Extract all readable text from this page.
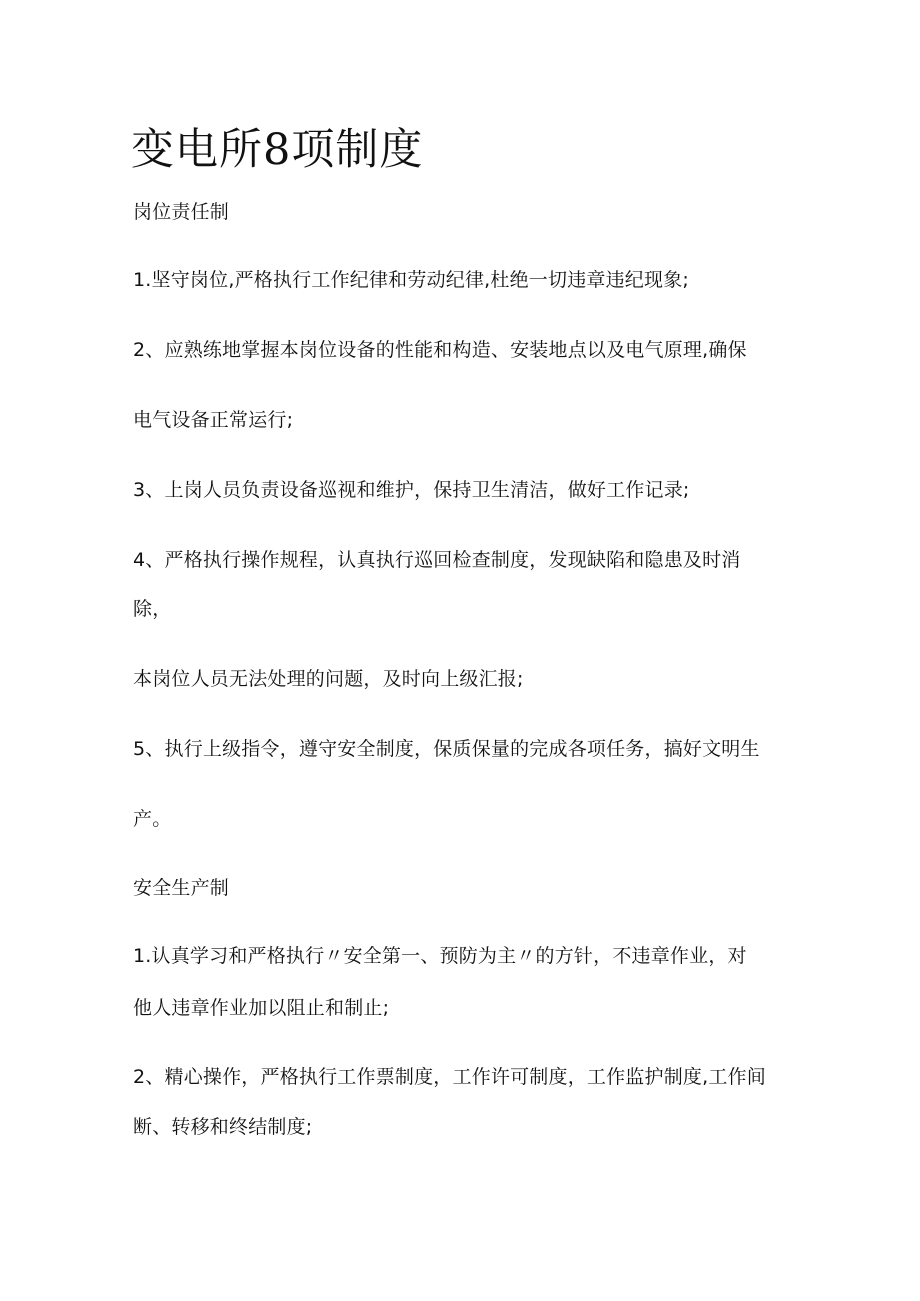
变电所8项制度
岗位责任制
1.坚守岗位,严格执行工作纪律和劳动纪律,杜绝一切违章违纪现象;
2、应熟练地掌握本岗位设备的性能和构造、安装地点以及电气原理,确保
电气设备正常运行;
3、上岗人员负责设备巡视和维护，保持卫生清洁，做好工作记录;
4、严格执行操作规程，认真执行巡回检查制度，发现缺陷和隐患及时消
除，
本岗位人员无法处理的问题，及时向上级汇报;
5、执行上级指令，遵守安全制度，保质保量的完成各项任务，搞好文明生
产。
安全生产制
1.认真学习和严格执行〃安全第一、预防为主〃的方针，不违章作业，对
他人违章作业加以阻止和制止;
2、精心操作，严格执行工作票制度，工作许可制度，工作监护制度,工作间
断、转移和终结制度;
